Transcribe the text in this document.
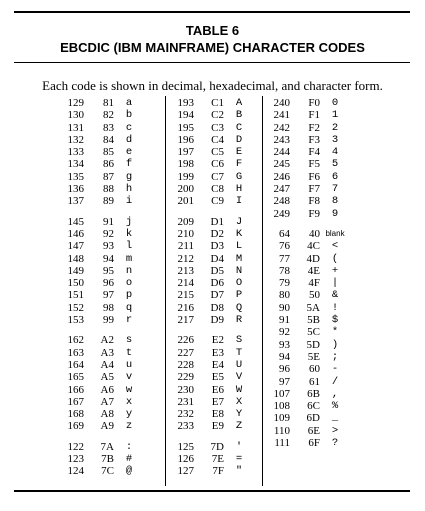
TABLE 6
EBCDIC (IBM MAINFRAME) CHARACTER CODES
Each code is shown in decimal, hexadecimal, and character form.
129	81	a
130	82	b
131	83	c
132	84	d
133	85	e
134	86	f
135	87	g
136	88	h
137	89	i
145	91	j
146	92	k
147	93	l
148	94	m
149	95	n
150	96	o
151	97	p
152	98	q
153	99	r
162	A2	s
163	A3	t
164	A4	u
165	A5	v
166	A6	w
167	A7	x
168	A8	y
169	A9	z
122	7A	:
123	7B	#
124	7C	@
193	C1	A
194	C2	B
195	C3	C
196	C4	D
197	C5	E
198	C6	F
199	C7	G
200	C8	H
201	C9	I
209	D1	J
210	D2	K
211	D3	L
212	D4	M
213	D5	N
214	D6	O
215	D7	P
216	D8	Q
217	D9	R
226	E2	S
227	E3	T
228	E4	U
229	E5	V
230	E6	W
231	E7	X
232	E8	Y
233	E9	Z
125	7D	'
126	7E	=
127	7F	"
240	F0	0
241	F1	1
242	F2	2
243	F3	3
244	F4	4
245	F5	5
246	F6	6
247	F7	7
248	F8	8
249	F9	9
64	40 blank
76	4C	<
77	4D	(
78	4E	+
79	4F	|
80	50	&
90	5A	!
91	5B	$
92	5C	*
93	5D	)
94	5E	;
96	60	-
97	61	/
107	6B	,
108	6C	%
109	6D	_
110	6E	>
111	6F	?
